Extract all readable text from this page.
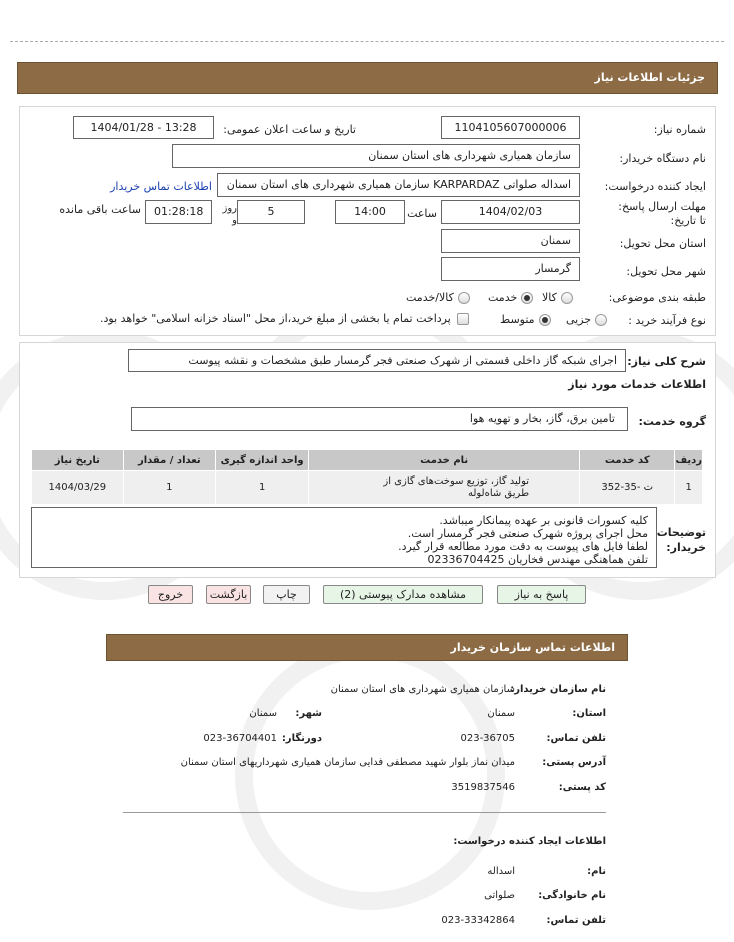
جزئیات اطلاعات نیاز
شماره نیاز:
1104105607000006
تاریخ و ساعت اعلان عمومی:
1404/01/28 - 13:28
نام دستگاه خریدار:
سازمان همیاری شهرداری های استان سمنان
ایجاد کننده درخواست:
اسداله صلواتی KARPARDAZ سازمان همیاری شهرداری های استان سمنان
اطلاعات تماس خریدار
مهلت ارسال پاسخ: تا تاریخ:
1404/02/03
ساعت
14:00
5
روز و
01:28:18
ساعت باقی مانده
استان محل تحویل:
سمنان
شهر محل تحویل:
گرمسار
طبقه بندی موضوعی:
کالا
خدمت
کالا/خدمت
نوع فرآیند خرید :
جزیی
متوسط
پرداخت تمام یا بخشی از مبلغ خرید،از محل "اسناد خزانه اسلامی" خواهد بود.
شرح کلی نیاز:
اجرای شبکه گاز داخلی قسمتی از شهرک صنعتی فجر گرمسار طبق مشخصات و نقشه پیوست
اطلاعات خدمات مورد نیاز
گروه خدمت:
تامین برق، گاز، بخار و تهویه هوا
ردیف	کد خدمت	نام خدمت	واحد اندازه گیری	تعداد / مقدار	تاریخ نیاز
1	ت -35-352	تولید گاز، توزیع سوخت‌های گازی از طریق شاه‌لوله	1	1	1404/03/29
توضیحات خریدار:
کلیه کسورات قانونی بر عهده پیمانکار میباشد.
محل اجرای پروژه شهرک صنعتی فجر گرمسار است.
لطفا فایل های پیوست به دقت مورد مطالعه قرار گیرد.
تلفن هماهنگی مهندس فخاریان 02336704425
پاسخ به نیاز
مشاهده مدارک پیوستی (2)
چاپ
بازگشت
خروج
اطلاعات تماس سازمان خریدار
نام سازمان خریدار:
سازمان همیاری شهرداری های استان سمنان
استان:
سمنان
شهر:
سمنان
تلفن تماس:
023-36705
دورنگار:
023-36704401
آدرس پستی:
میدان نماز بلوار شهید مصطفی فدایی سازمان همیاری شهرداریهای استان سمنان
کد پستی:
3519837546
اطلاعات ایجاد کننده درخواست:
نام:
اسداله
نام خانوادگی:
صلواتی
تلفن تماس:
023-33342864
